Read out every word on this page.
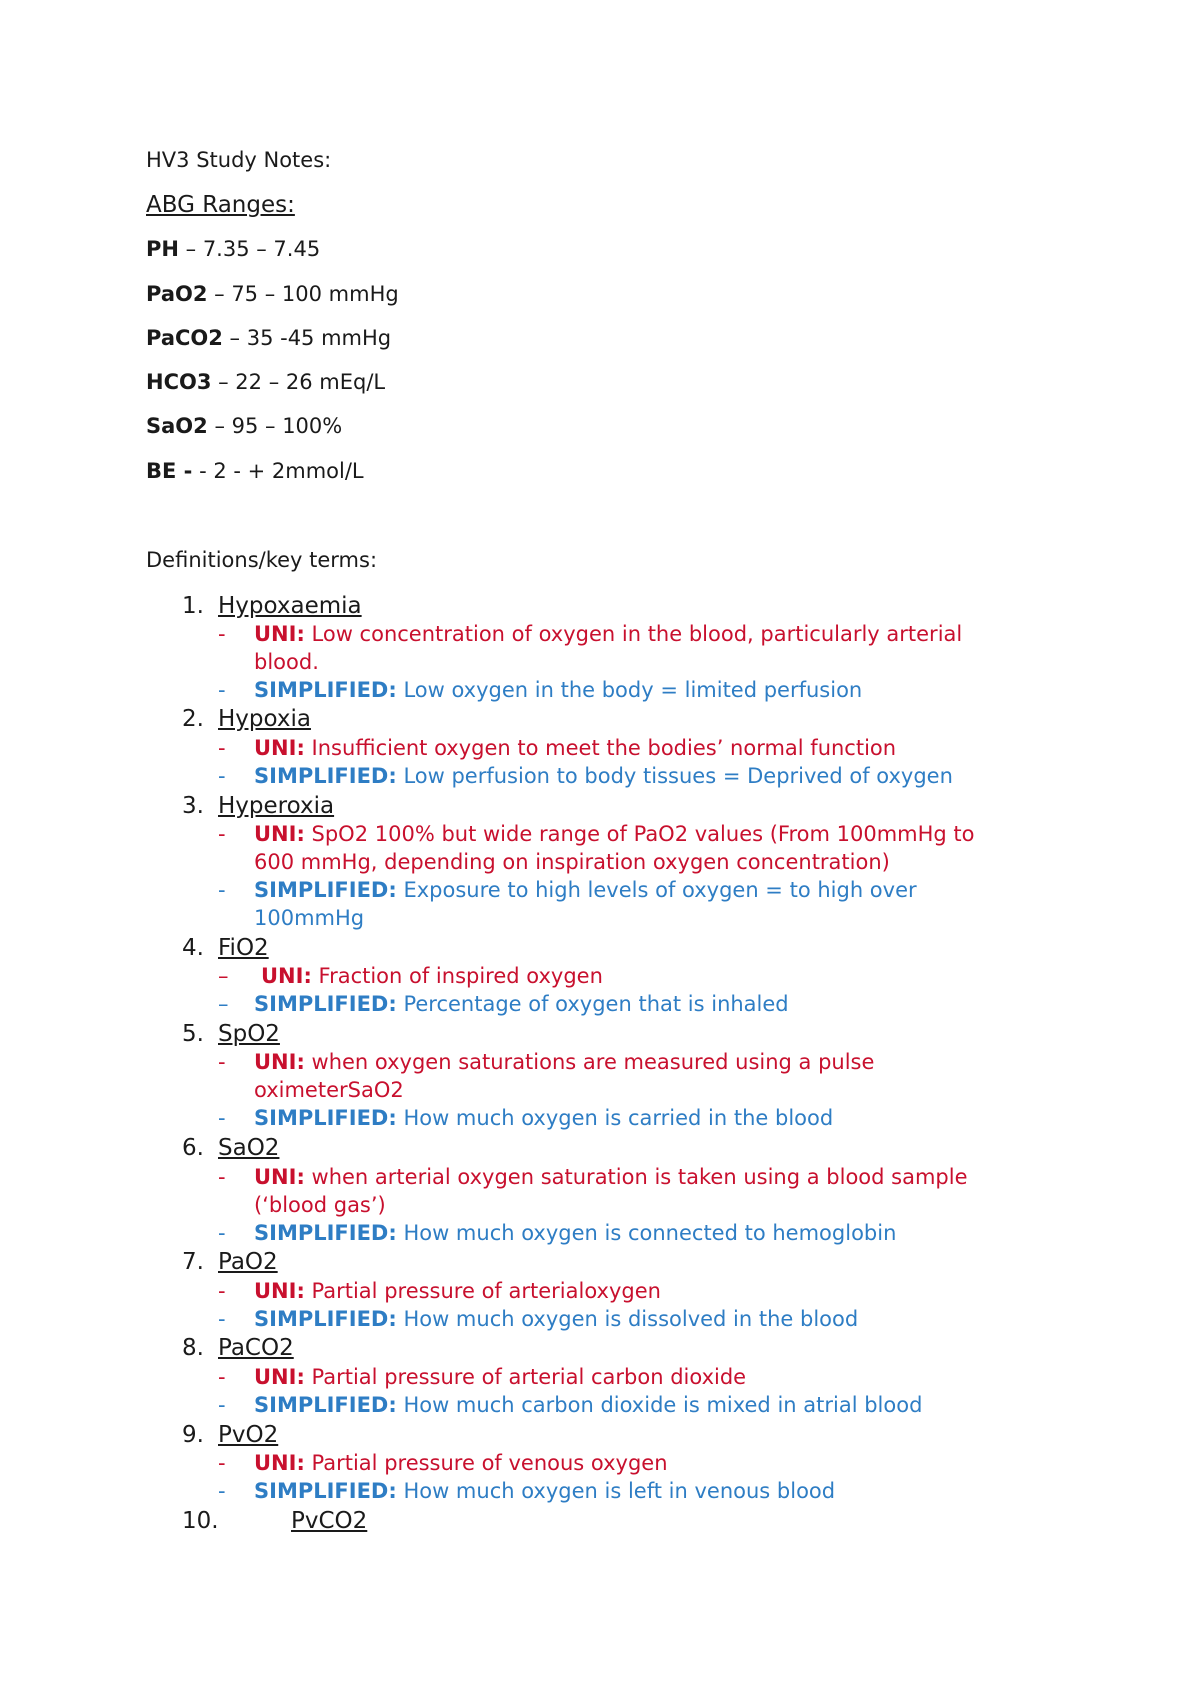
HV3 Study Notes:
ABG Ranges:
PH – 7.35 – 7.45
PaO2 – 75 – 100 mmHg
PaCO2 – 35 -45 mmHg
HCO3 – 22 – 26 mEq/L
SaO2 – 95 – 100%
BE - - 2 - + 2mmol/L
Definitions/key terms:
1. Hypoxaemia
- UNI: Low concentration of oxygen in the blood, particularly arterial
blood.
- SIMPLIFIED: Low oxygen in the body = limited perfusion
2. Hypoxia
- UNI: Insufficient oxygen to meet the bodies’ normal function
- SIMPLIFIED: Low perfusion to body tissues = Deprived of oxygen
3. Hyperoxia
- UNI: SpO2 100% but wide range of PaO2 values (From 100mmHg to
600 mmHg, depending on inspiration oxygen concentration)
- SIMPLIFIED: Exposure to high levels of oxygen = to high over
100mmHg
4. FiO2
– UNI: Fraction of inspired oxygen
– SIMPLIFIED: Percentage of oxygen that is inhaled
5. SpO2
- UNI: when oxygen saturations are measured using a pulse
oximeterSaO2
- SIMPLIFIED: How much oxygen is carried in the blood
6. SaO2
- UNI: when arterial oxygen saturation is taken using a blood sample
(‘blood gas’)
- SIMPLIFIED: How much oxygen is connected to hemoglobin
7. PaO2
- UNI: Partial pressure of arterialoxygen
- SIMPLIFIED: How much oxygen is dissolved in the blood
8. PaCO2
- UNI: Partial pressure of arterial carbon dioxide
- SIMPLIFIED: How much carbon dioxide is mixed in atrial blood
9. PvO2
- UNI: Partial pressure of venous oxygen
- SIMPLIFIED: How much oxygen is left in venous blood
10.	PvCO2
